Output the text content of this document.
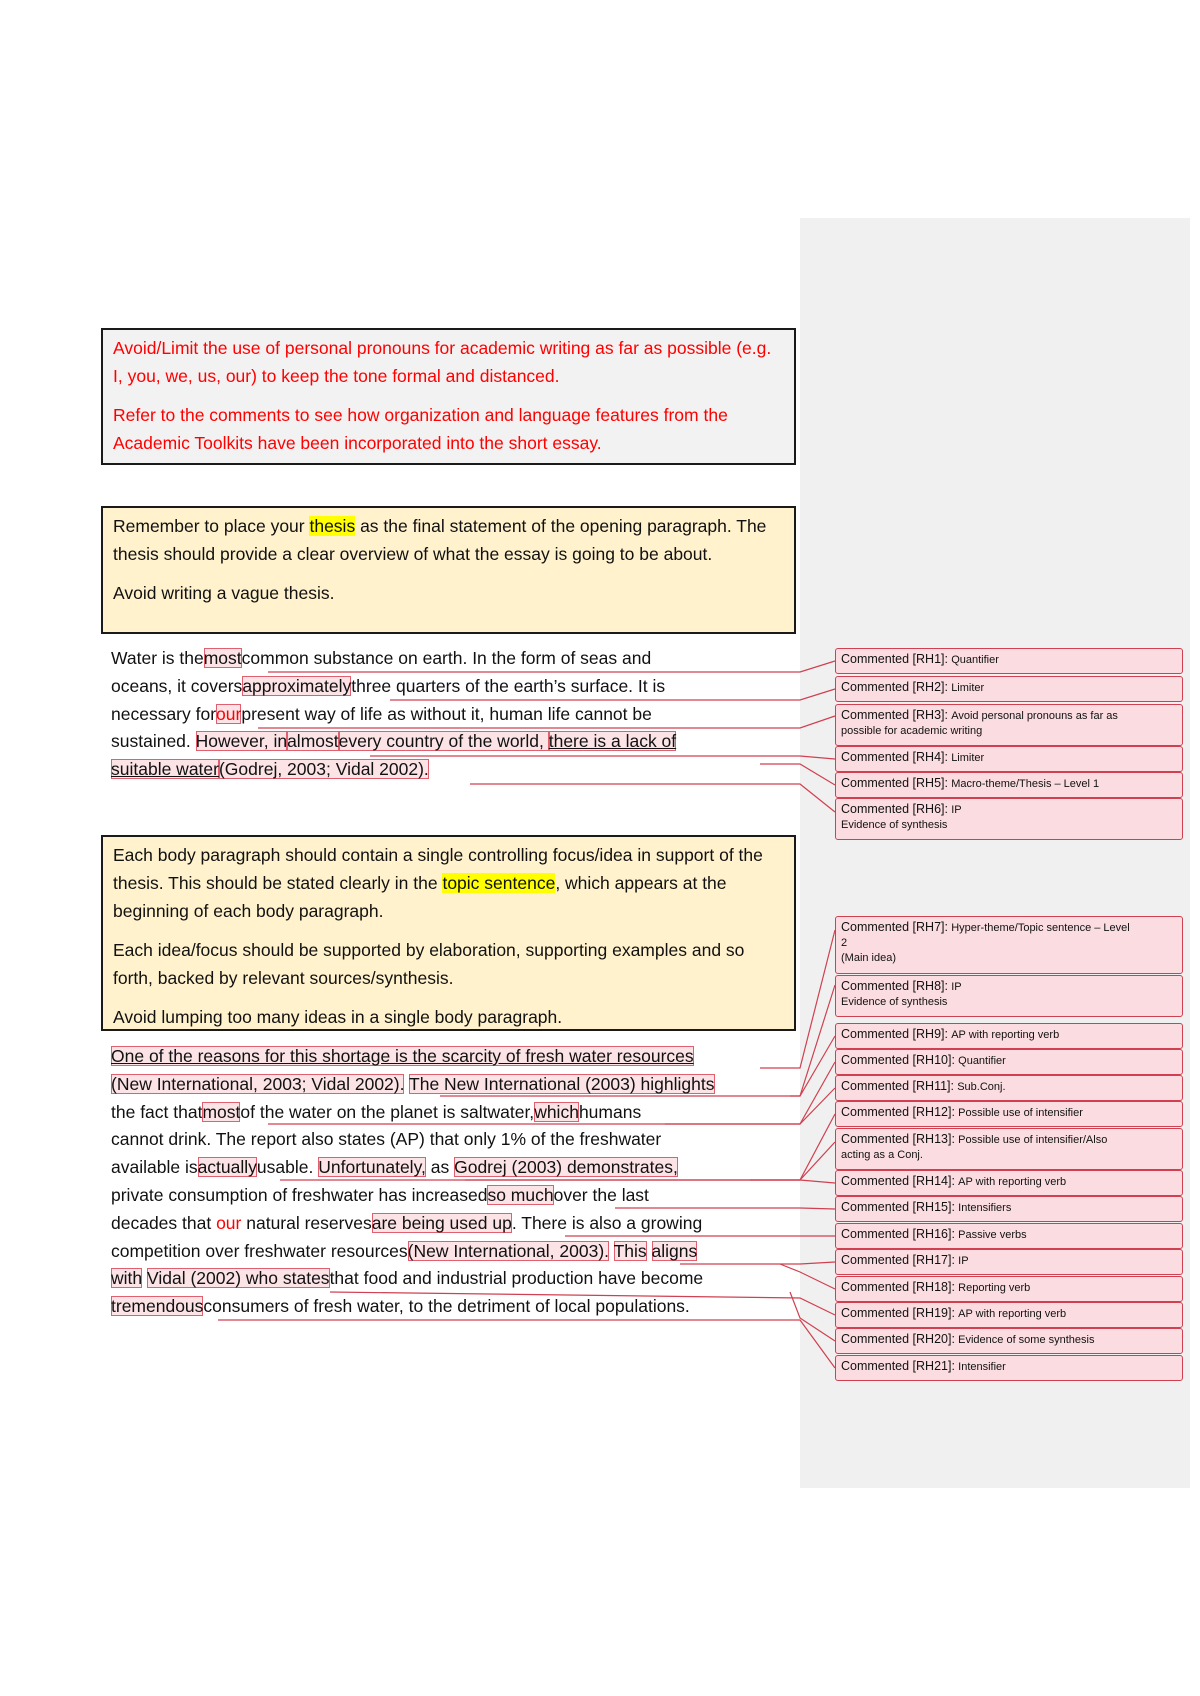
Avoid/Limit the use of personal pronouns for academic writing as far as possible (e.g. I, you, we, us, our) to keep the tone formal and distanced.

Refer to the comments to see how organization and language features from the Academic Toolkits have been incorporated into the short essay.

Remember to place your thesis as the final statement of the opening paragraph. The thesis should provide a clear overview of what the essay is going to be about.

Avoid writing a vague thesis.

Water is themostcommon substance on earth. In the form of seas and
oceans, it coversapproximatelythree quarters of the earth’s surface. It is
necessary forourpresent way of life as without it, human life cannot be
sustained. However, inalmostevery country of the world, there is a lack of
suitable water(Godrej, 2003; Vidal 2002).

Each body paragraph should contain a single controlling focus/idea in support of the thesis. This should be stated clearly in the topic sentence, which appears at the beginning of each body paragraph.

Each idea/focus should be supported by elaboration, supporting examples and so forth, backed by relevant sources/synthesis.

Avoid lumping too many ideas in a single body paragraph.

One of the reasons for this shortage is the scarcity of fresh water resources
(New International, 2003; Vidal 2002). The New International (2003) highlights
the fact thatmostof the water on the planet is saltwater,whichhumans
cannot drink. The report also states (AP) that only 1% of the freshwater
available isactuallyusable. Unfortunately, as Godrej (2003) demonstrates,
private consumption of freshwater has increasedso muchover the last
decades that our natural reservesare being used up. There is also a growing
competition over freshwater resources(New International, 2003). This aligns
with Vidal (2002) who statesthat food and industrial production have become
tremendousconsumers of fresh water, to the detriment of local populations.
Commented [RH1]: Quantifier
Commented [RH2]: Limiter
Commented [RH3]: Avoid personal pronouns as far as
possible for academic writing
Commented [RH4]: Limiter
Commented [RH5]: Macro-theme/Thesis – Level 1
Commented [RH6]: IP
Evidence of synthesis
Commented [RH7]: Hyper-theme/Topic sentence – Level
2
(Main idea)
Commented [RH8]: IP
Evidence of synthesis
Commented [RH9]: AP with reporting verb
Commented [RH10]: Quantifier
Commented [RH11]: Sub.Conj.
Commented [RH12]: Possible use of intensifier
Commented [RH13]: Possible use of intensifier/Also
acting as a Conj.
Commented [RH14]: AP with reporting verb
Commented [RH15]: Intensifiers
Commented [RH16]: Passive verbs
Commented [RH17]: IP
Commented [RH18]: Reporting verb
Commented [RH19]: AP with reporting verb
Commented [RH20]: Evidence of some synthesis
Commented [RH21]: Intensifier
